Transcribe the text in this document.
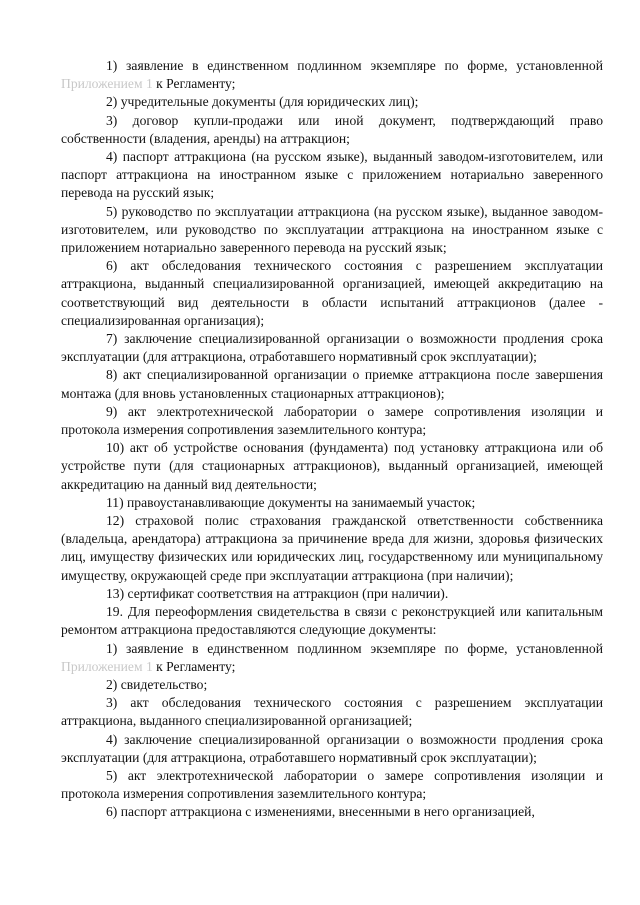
1) заявление в единственном подлинном экземпляре по форме, установленной Приложением 1 к Регламенту;

2) учредительные документы (для юридических лиц);

3) договор купли-продажи или иной документ, подтверждающий право собственности (владения, аренды) на аттракцион;

4) паспорт аттракциона (на русском языке), выданный заводом-изготовителем, или паспорт аттракциона на иностранном языке с приложением нотариально заверенного перевода на русский язык;

5) руководство по эксплуатации аттракциона (на русском языке), выданное заводом-изготовителем, или руководство по эксплуатации аттракциона на иностранном языке с приложением нотариально заверенного перевода на русский язык;

6) акт обследования технического состояния с разрешением эксплуатации аттракциона, выданный специализированной организацией, имеющей аккредитацию на соответствующий вид деятельности в области испытаний аттракционов (далее - специализированная организация);

7) заключение специализированной организации о возможности продления срока эксплуатации (для аттракциона, отработавшего нормативный срок эксплуатации);

8) акт специализированной организации о приемке аттракциона после завершения монтажа (для вновь установленных стационарных аттракционов);

9) акт электротехнической лаборатории о замере сопротивления изоляции и протокола измерения сопротивления заземлительного контура;

10) акт об устройстве основания (фундамента) под установку аттракциона или об устройстве пути (для стационарных аттракционов), выданный организацией, имеющей аккредитацию на данный вид деятельности;

11) правоустанавливающие документы на занимаемый участок;

12) страховой полис страхования гражданской ответственности собственника (владельца, арендатора) аттракциона за причинение вреда для жизни, здоровья физических лиц, имуществу физических или юридических лиц, государственному или муниципальному имуществу, окружающей среде при эксплуатации аттракциона (при наличии);

13) сертификат соответствия на аттракцион (при наличии).

19. Для переоформления свидетельства в связи с реконструкцией или капитальным ремонтом аттракциона предоставляются следующие документы:

1) заявление в единственном подлинном экземпляре по форме, установленной Приложением 1 к Регламенту;

2) свидетельство;

3) акт обследования технического состояния с разрешением эксплуатации аттракциона, выданного специализированной организацией;

4) заключение специализированной организации о возможности продления срока эксплуатации (для аттракциона, отработавшего нормативный срок эксплуатации);

5) акт электротехнической лаборатории о замере сопротивления изоляции и протокола измерения сопротивления заземлительного контура;

6) паспорт аттракциона с изменениями, внесенными в него организацией,
